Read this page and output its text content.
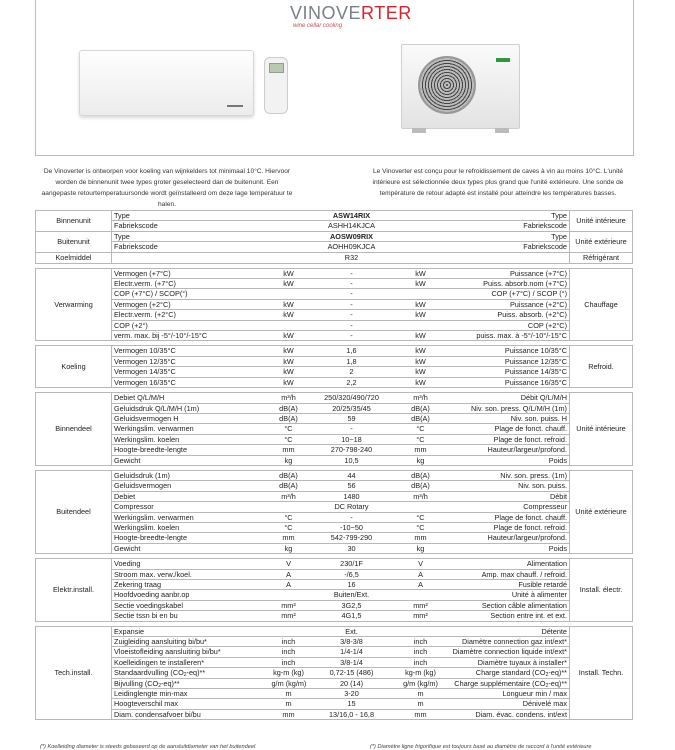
VINOVERTER
wine cellar cooling
De Vinoverter is ontworpen voor koeling van wijnkelders tot minimaal 10°C. Hiervoor worden de binnenunit twee types groter geselecteerd dan de buitenunit. Een aangepaste retourtemperatuursonde wordt geïnstalleerd om deze lage temperatuur te halen.
Le Vinoverter est conçu pour le refroidissement de caves à vin au moins 10°C. L'unité intérieure est sélectionnée deux types plus grand que l'unité extérieure. Une sonde de température de retour adapté est installé pour atteindre les températures basses.
Binnenunit	Type		ASW14RIX		Type	Unité intérieure
	Fabriekscode		ASHH14KJCA		Fabriekscode	
Buitenunit	Type		AOSW09RIX		Type	Unité extérieure
	Fabriekscode		AOHH09KJCA		Fabriekscode	
Koelmiddel			R32			Réfrigérant

Verwarming	Vermogen (+7°C)	kW	-	kW	Puissance (+7°C)	Chauffage
	Electr.verm. (+7°C)	kW	-	kW	Puiss. absorb.nom (+7°C)	
	COP (+7°C) / SCOP(°)		-		COP (+7°C) / SCOP (°)	
	Vermogen (+2°C)	kW	-	kW	Puissance (+2°C)	
	Electr.verm. (+2°C)	kW	-	kW	Puiss. absorb. (+2°C)	
	COP (+2°)		-		COP (+2°C)	
	verm. max. bij -5°/-10°/-15°C	kW	-	kW	puiss. max. à -5°/-10°/-15°C	

Koeling	Vermogen 10/35°C	kW	1,6	kW	Puissance 10/35°C	Refroid.
	Vermogen 12/35°C	kW	1,8	kW	Puissance 12/35°C	
	Vermogen 14/35°C	kW	2	kW	Puissance 14/35°C	
	Vermogen 16/35°C	kW	2,2	kW	Puissance 16/35°C	

Binnendeel	Debiet Q/L/M/H	m³/h	250/320/490/720	m³/h	Débit Q/L/M/H	Unité intérieure
	Geluidsdruk Q/L/M/H (1m)	dB(A)	20/25/35/45	dB(A)	Niv. son. press. Q/L/M/H (1m)	
	Geluidsvermogen H	dB(A)	59	dB(A)	Niv. son. puiss. H	
	Werkingslim. verwarmen	°C	-	°C	Plage de fonct. chauff.	
	Werkingslim. koelen	°C	10~18	°C	Plage de fonct. refroid.	
	Hoogte-breedte-lengte	mm	270-798-240	mm	Hauteur/largeur/profond.	
	Gewicht	kg	10,5	kg	Poids	

Buitendeel	Geluidsdruk (1m)	dB(A)	44	dB(A)	Niv. son. press. (1m)	Unité extérieure
	Geluidsvermogen	dB(A)	56	dB(A)	Niv. son. puiss.	
	Debiet	m³/h	1480	m³/h	Débit	
	Compressor		DC Rotary		Compresseur	
	Werkingslim. verwarmen	°C	-	°C	Plage de fonct. chauff.	
	Werkingslim. koelen	°C	-10~50	°C	Plage de fonct. refroid.	
	Hoogte-breedte-lengte	mm	542-799-290	mm	Hauteur/largeur/profond.	
	Gewicht	kg	30	kg	Poids	

Elektr.install.	Voeding	V	230/1F	V	Alimentation	Install. électr.
	Stroom max. verw./koel.	A	-/6,5	A	Amp. max chauff. / refroid.	
	Zekering traag	A	16	A	Fusible retardé	
	Hoofdvoeding aanbr.op		Buiten/Ext.		Unité à alimenter	
	Sectie voedingskabel	mm²	3G2,5	mm²	Section câble alimentation	
	Sectie tssn bi en bu	mm²	4G1,5	mm²	Section entre int. et ext.	

Tech.install.	Expansie		Ext.		Détente	Install. Techn.
	Zuigleiding aansluiting bi/bu*	inch	3/8-3/8	inch	Diamètre connection gaz int/ext*	
	Vloeistofleiding aansluiting bi/bu*	inch	1/4-1/4	inch	Diamètre connection liquide int/ext*	
	Koelleidingen te installeren*	inch	3/8-1/4	inch	Diamètre tuyaux à installer*	
	Standaardvulling $(CO_2-eq)**$	kg-m (kg)	0,72-15 (486)	kg-m (kg)	Charge standard $(CO_2-eq)**$	
	Bijvulling $(CO_2-eq)**$	g/m (kg/m)	20 (14)	g/m (kg/m)	Charge supplémentaire $(CO_2-eq)**$	
	Leidinglengte min-max	m	3-20	m	Longueur min / max	
	Hoogteverschil max	m	15	m	Dénivelé max	
	Diam. condensafvoer bi/bu	mm	13/16,0 - 16,8	mm	Diam. évac. condens. int/ext	
(*) Koelleiding diameter is steeds gebaseerd op de aansluitdiameter van het buitendeel	(*) Diamètre ligne frigorifique est toujours basé au diamètre de raccord à l'unité extérieure
